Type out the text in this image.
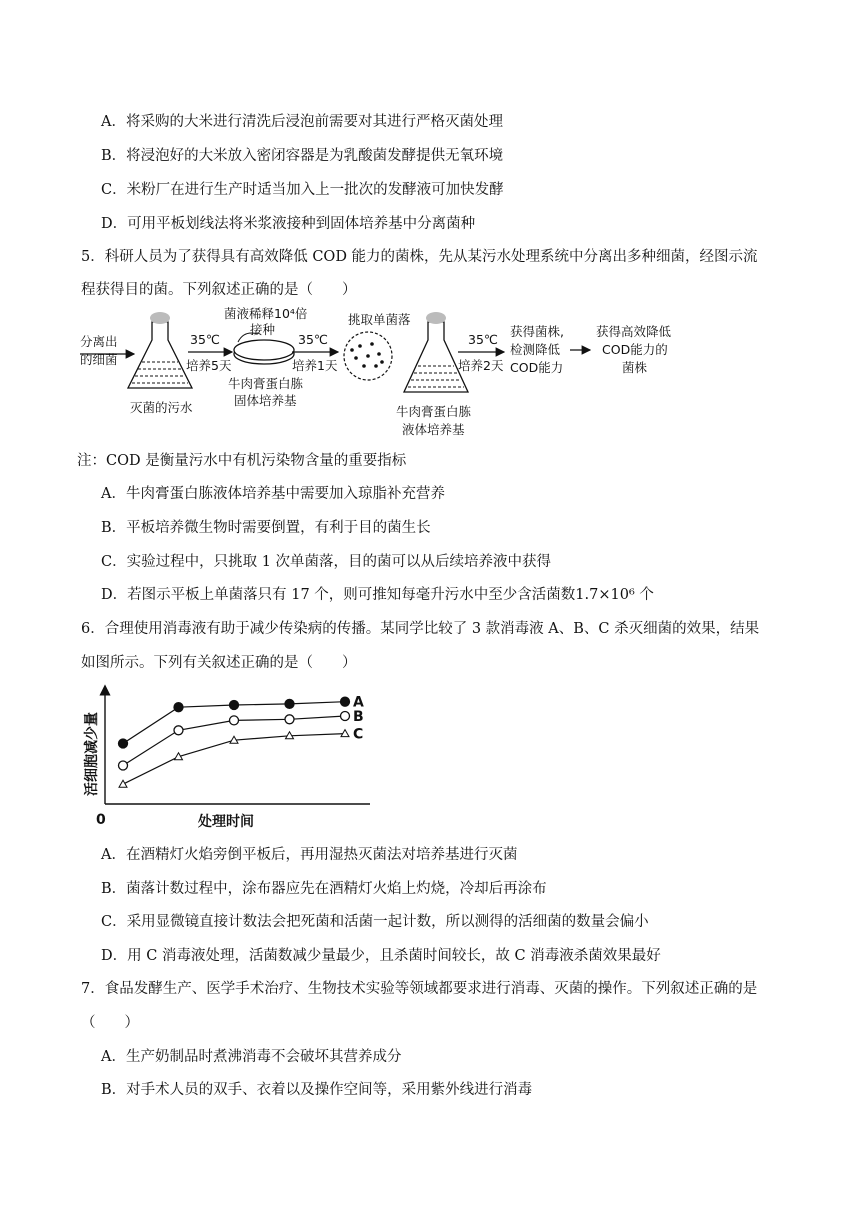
A．将采购的大米进行清洗后浸泡前需要对其进行严格灭菌处理
B．将浸泡好的大米放入密闭容器是为乳酸菌发酵提供无氧环境
C．米粉厂在进行生产时适当加入上一批次的发酵液可加快发酵
D．可用平板划线法将米浆液接种到固体培养基中分离菌种
5．科研人员为了获得具有高效降低 COD 能力的菌株，先从某污水处理系统中分离出多种细菌，经图示流
程获得目的菌。下列叙述正确的是（　　）
分离出
的细菌
灭菌的污水
35℃
培养5天
菌液稀释10⁴倍
接种
牛肉膏蛋白胨
固体培养基
35℃
培养1天
挑取单菌落
牛肉膏蛋白胨
液体培养基
35℃
培养2天
获得菌株,
检测降低
COD能力
获得高效降低
COD能力的
菌株
注：COD 是衡量污水中有机污染物含量的重要指标
A．牛肉膏蛋白胨液体培养基中需要加入琼脂补充营养
B．平板培养微生物时需要倒置，有利于目的菌生长
C．实验过程中，只挑取 1 次单菌落，目的菌可以从后续培养液中获得
D．若图示平板上单菌落只有 17 个，则可推知每毫升污水中至少含活菌数1.7×10⁶ 个
6．合理使用消毒液有助于减少传染病的传播。某同学比较了 3 款消毒液 A、B、C 杀灭细菌的效果，结果
如图所示。下列有关叙述正确的是（　　）
0	处理时间
活细胞减少量
A
B
C
A．在酒精灯火焰旁倒平板后，再用湿热灭菌法对培养基进行灭菌
B．菌落计数过程中，涂布器应先在酒精灯火焰上灼烧，冷却后再涂布
C．采用显微镜直接计数法会把死菌和活菌一起计数，所以测得的活细菌的数量会偏小
D．用 C 消毒液处理，活菌数减少量最少，且杀菌时间较长，故 C 消毒液杀菌效果最好
7．食品发酵生产、医学手术治疗、生物技术实验等领域都要求进行消毒、灭菌的操作。下列叙述正确的是
（　　）
A．生产奶制品时煮沸消毒不会破坏其营养成分
B．对手术人员的双手、衣着以及操作空间等，采用紫外线进行消毒
